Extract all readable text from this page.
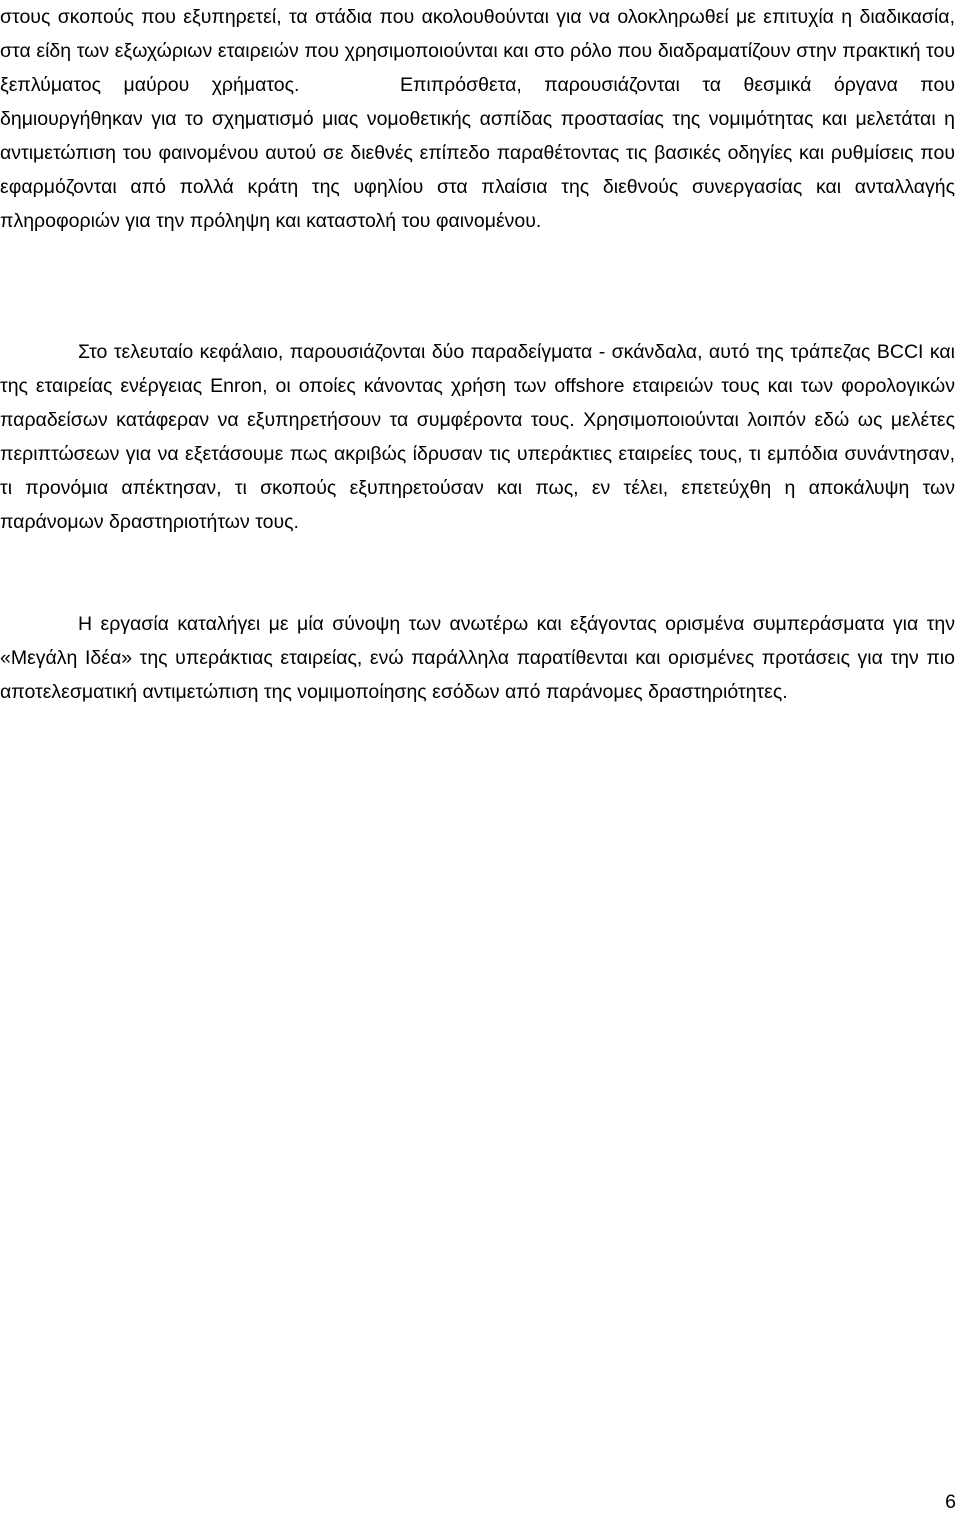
στους σκοπούς που εξυπηρετεί, τα στάδια που ακολουθούνται για να ολοκληρωθεί με επιτυχία η διαδικασία, στα είδη των εξωχώριων εταιρειών που χρησιμοποιούνται και στο ρόλο που διαδραματίζουν στην πρακτική του ξεπλύματος μαύρου χρήματος.	Επιπρόσθετα, παρουσιάζονται τα θεσμικά όργανα που δημιουργήθηκαν για το σχηματισμό μιας νομοθετικής ασπίδας προστασίας της νομιμότητας και μελετάται η αντιμετώπιση του φαινομένου αυτού σε διεθνές επίπεδο παραθέτοντας τις βασικές οδηγίες και ρυθμίσεις που εφαρμόζονται από πολλά κράτη της υφηλίου στα πλαίσια της διεθνούς συνεργασίας και ανταλλαγής πληροφοριών για την πρόληψη και καταστολή του φαινομένου.

Στο τελευταίο κεφάλαιο, παρουσιάζονται δύο παραδείγματα - σκάνδαλα, αυτό της τράπεζας BCCI και της εταιρείας ενέργειας Enron, οι οποίες κάνοντας χρήση των offshore εταιρειών τους και των φορολογικών παραδείσων κατάφεραν να εξυπηρετήσουν τα συμφέροντα τους. Χρησιμοποιούνται λοιπόν εδώ ως μελέτες περιπτώσεων για να εξετάσουμε πως ακριβώς ίδρυσαν τις υπεράκτιες εταιρείες τους, τι εμπόδια συνάντησαν, τι προνόμια απέκτησαν, τι σκοπούς εξυπηρετούσαν και πως, εν τέλει, επετεύχθη η αποκάλυψη των παράνομων δραστηριοτήτων τους.

Η εργασία καταλήγει με μία σύνοψη των ανωτέρω και εξάγοντας ορισμένα συμπεράσματα για την «Μεγάλη Ιδέα» της υπεράκτιας εταιρείας, ενώ παράλληλα παρατίθενται και ορισμένες προτάσεις για την πιο αποτελεσματική αντιμετώπιση της νομιμοποίησης εσόδων από παράνομες δραστηριότητες.

6
